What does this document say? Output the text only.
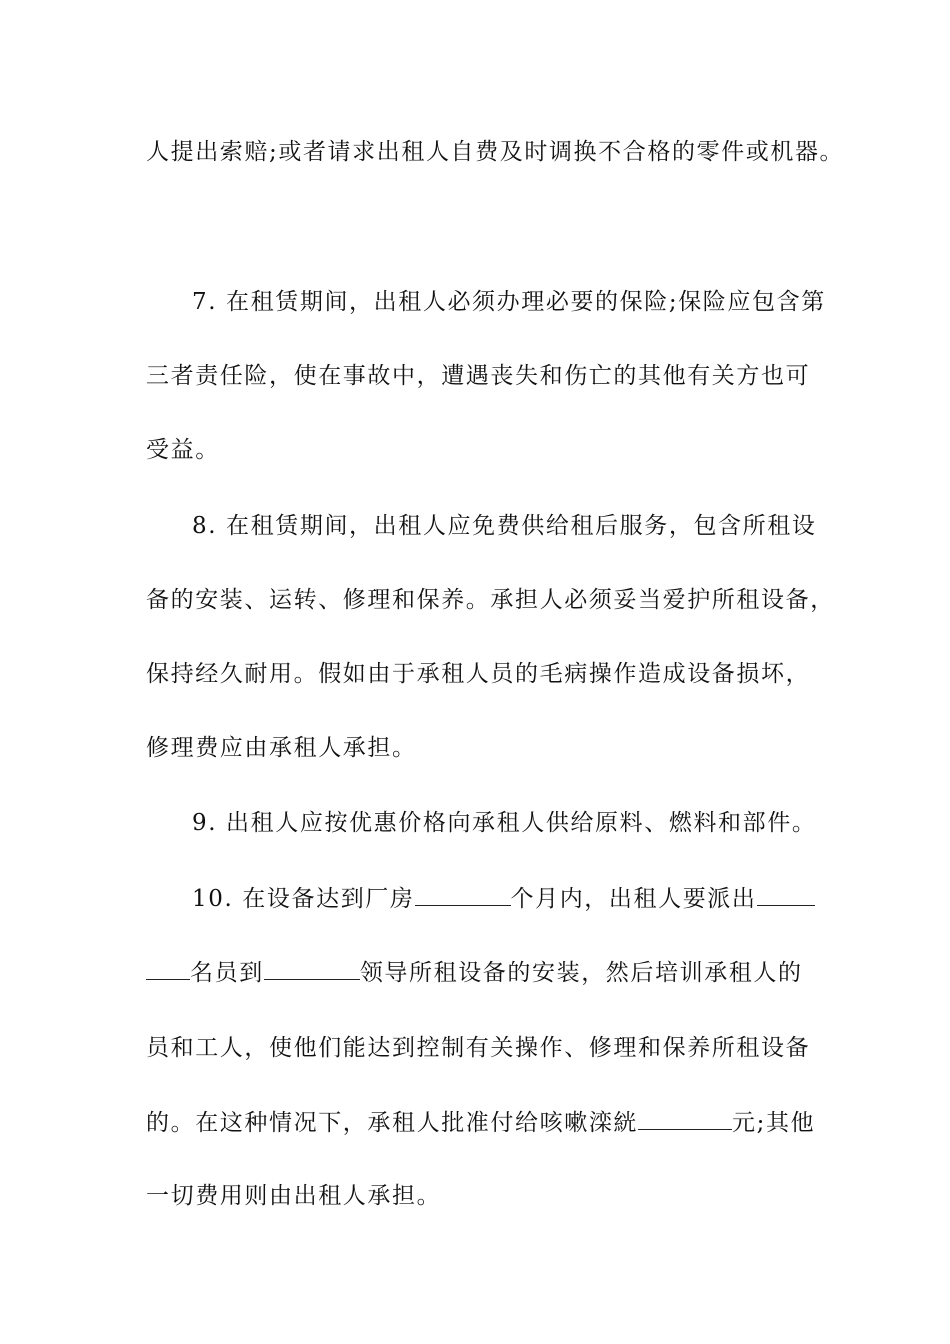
人提出索赔;或者请求出租人自费及时调换不合格的零件或机器。
7. 在租赁期间，出租人必须办理必要的保险;保险应包含第
三者责任险，使在事故中，遭遇丧失和伤亡的其他有关方也可
受益。
8. 在租赁期间，出租人应免费供给租后服务，包含所租设
备的安装、运转、修理和保养。承担人必须妥当爱护所租设备，
保持经久耐用。假如由于承租人员的毛病操作造成设备损坏，
修理费应由承租人承担。
9. 出租人应按优惠价格向承租人供给原料、燃料和部件。
10. 在设备达到厂房	个月内，出租人要派出
名员到	领导所租设备的安装，然后培训承租人的
员和工人，使他们能达到控制有关操作、修理和保养所租设备
的。在这种情况下，承租人批准付给咳嗽滦絖	元;其他
一切费用则由出租人承担。
